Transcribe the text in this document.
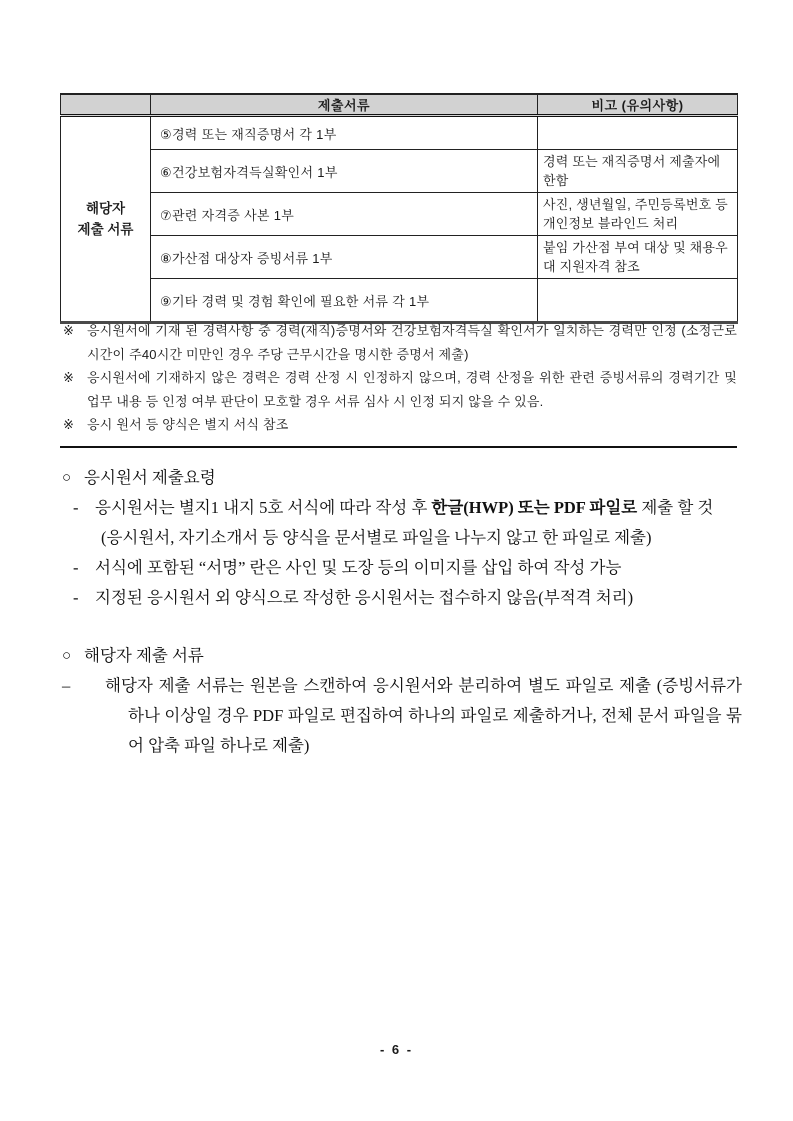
	제출서류	비고 (유의사항)

해당자
제출 서류	⑤경력 또는 재직증명서 각 1부	
	⑥건강보험자격득실확인서 1부	경력 또는 재직증명서 제출자에 한함
	⑦관련 자격증 사본 1부	사진, 생년월일, 주민등록번호 등 개인정보 블라인드 처리
	⑧가산점 대상자 증빙서류 1부	붙임 가산점 부여 대상 및 채용우대 지원자격 참조
	⑨기타 경력 및 경험 확인에 필요한 서류 각 1부	

※ 응시원서에 기재 된 경력사항 중 경력(재직)증명서와 건강보험자격득실 확인서가 일치하는 경력만 인정 (소정근로시간이 주40시간 미만인 경우 주당 근무시간을 명시한 증명서 제출)

※ 응시원서에 기재하지 않은 경력은 경력 산정 시 인정하지 않으며, 경력 산정을 위한 관련 증빙서류의 경력기간 및 업무 내용 등 인정 여부 판단이 모호할 경우 서류 심사 시 인정 되지 않을 수 있음.

※ 응시 원서 등 양식은 별지 서식 참조

○ 응시원서 제출요령

- 응시원서는 별지1 내지 5호 서식에 따라 작성 후 한글(HWP) 또는 PDF 파일로 제출 할 것

(응시원서, 자기소개서 등 양식을 문서별로 파일을 나누지 않고 한 파일로 제출)

- 서식에 포함된 “서명” 란은 사인 및 도장 등의 이미지를 삽입 하여 작성 가능

- 지정된 응시원서 외 양식으로 작성한 응시원서는 접수하지 않음(부적격 처리)

○ 해당자 제출 서류

–	해당자 제출 서류는 원본을 스캔하여 응시원서와 분리하여 별도 파일로 제출 (증빙서류가 하나 이상일 경우 PDF 파일로 편집하여 하나의 파일로 제출하거나, 전체 문서 파일을 묶어 압축 파일 하나로 제출)

- 6 -
